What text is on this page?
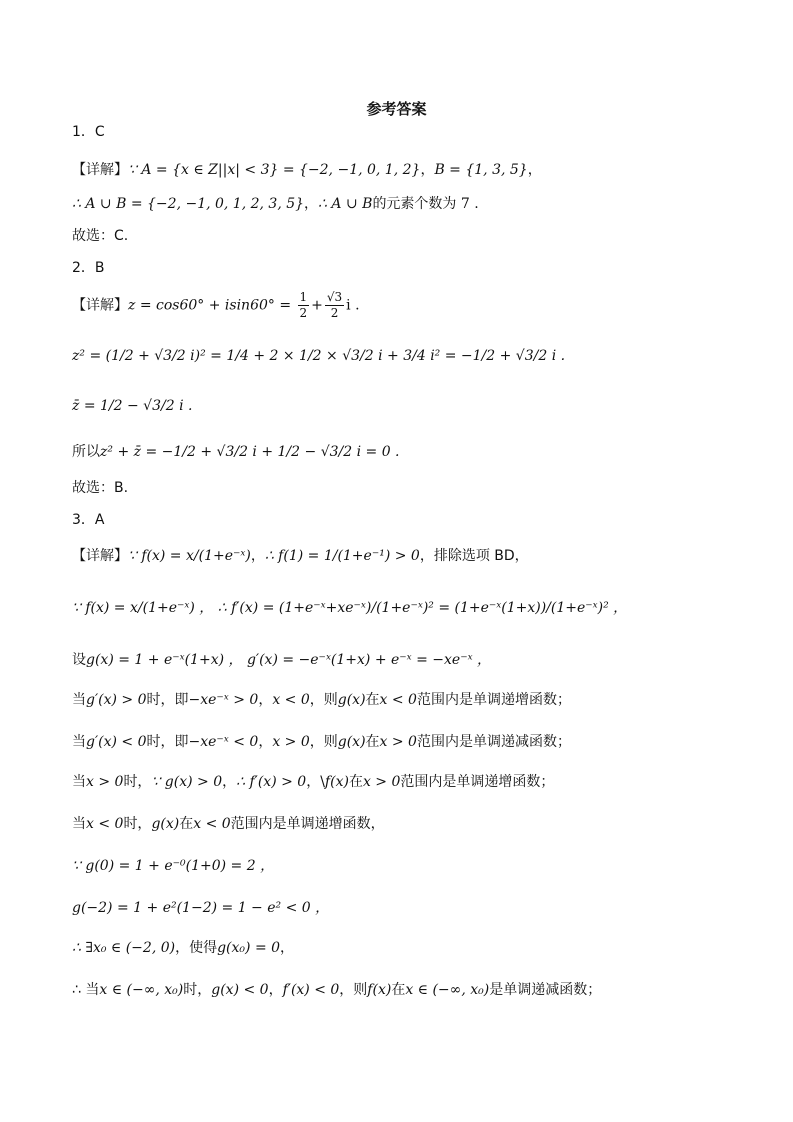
参考答案
1．C
【详解】∵ A = {x ∈ Z||x| < 3} = {−2, −1, 0, 1, 2}，B = {1, 3, 5}，
∴ A ∪ B = {−2, −1, 0, 1, 2, 3, 5}，∴ A ∪ B的元素个数为 7 .
故选：C.
2．B
【详解】$z = \cos 60^\circ + isin60^\circ = \frac{1}{2} + \frac{√3}{2}$ i .
z² = (1/2 + √3/2 i)² = 1/4 + 2 × 1/2 × √3/2 i + 3/4 i² = −1/2 + √3/2 i .
z̄ = 1/2 − √3/2 i .
所以z² + z̄ = −1/2 + √3/2 i + 1/2 − √3/2 i = 0 .
故选：B.
3．A
【详解】∵ f(x) = x/(1+e⁻ˣ)，∴ f(1) = 1/(1+e⁻¹) > 0，排除选项 BD，
∵ f(x) = x/(1+e⁻ˣ) ， ∴ f′(x) = (1+e⁻ˣ+xe⁻ˣ)/(1+e⁻ˣ)² = (1+e⁻ˣ(1+x))/(1+e⁻ˣ)² ，
设g(x) = 1 + e⁻ˣ(1+x) ， g′(x) = −e⁻ˣ(1+x) + e⁻ˣ = −xe⁻ˣ ，
当g′(x) > 0时，即−xe⁻ˣ > 0，x < 0，则g(x)在x < 0范围内是单调递增函数；
当g′(x) < 0时，即−xe⁻ˣ < 0，x > 0，则g(x)在x > 0范围内是单调递减函数；
当x > 0时，∵ g(x) > 0，∴ f′(x) > 0，\f(x)在x > 0范围内是单调递增函数；
当x < 0时，g(x)在x < 0范围内是单调递增函数，
∵ g(0) = 1 + e⁻⁰(1+0) = 2 ，
g(−2) = 1 + e²(1−2) = 1 − e² < 0 ，
∴ ∃x₀ ∈ (−2, 0)，使得g(x₀) = 0，
∴ 当x ∈ (−∞, x₀)时，g(x) < 0，f′(x) < 0，则f(x)在x ∈ (−∞, x₀)是单调递减函数；
